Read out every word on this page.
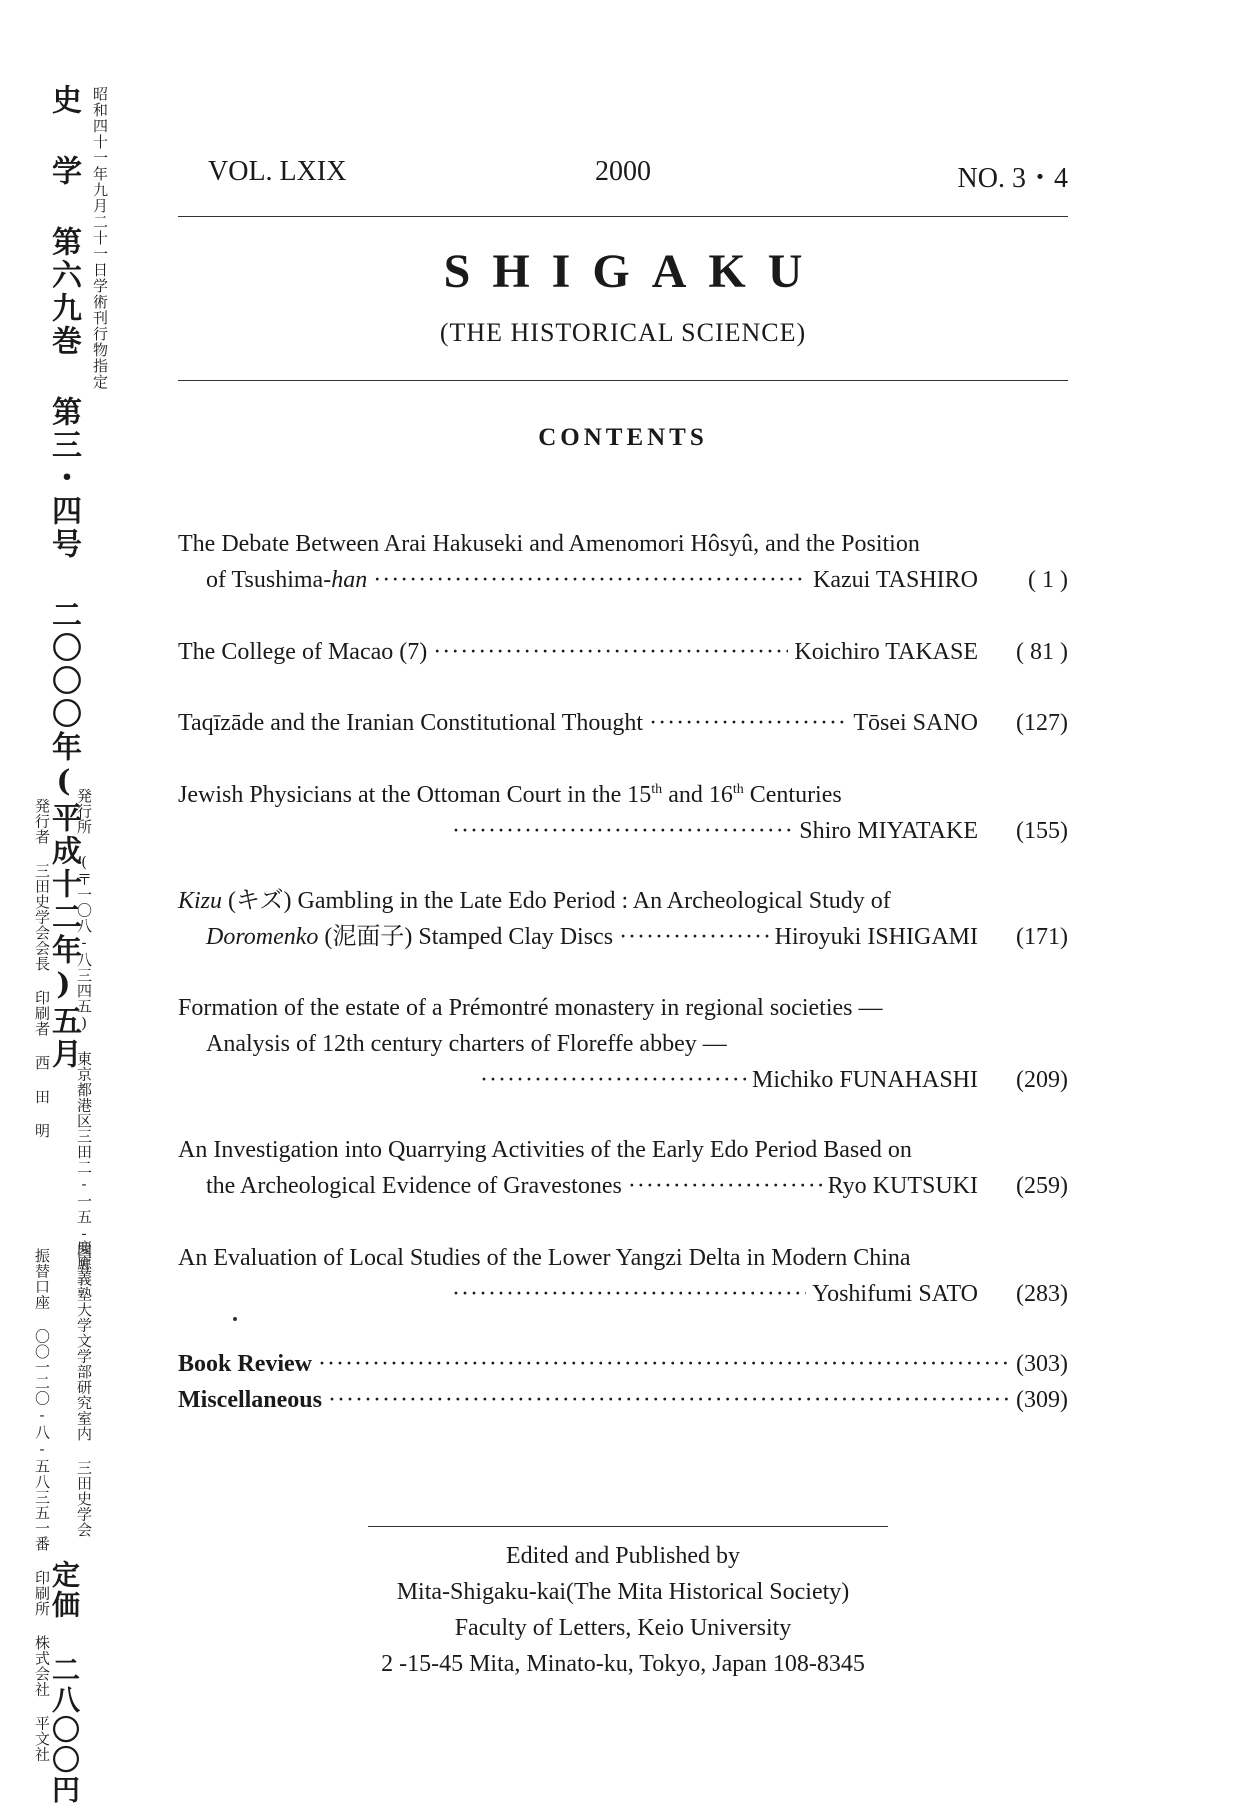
史 学 第六九巻 第三・四号 二〇〇〇年(平成十二年)五月 昭和四十一年九月二十一日学術刊行物指定

発行者 三田史学会会長 印刷者 西 田 明 発行所 (〒一〇八-八三四五) 東京都港区三田二-一五-四五

振替口座 〇〇一二〇-八-五八三五一番 印刷所 株式会社 平文社 慶應義塾大学文学部研究室内 三田史学会

定価 二八〇〇円

VOL. LXIX	2000	NO. 3・4
SHIGAKU

(THE HISTORICAL SCIENCE)

CONTENTS
The Debate Between Arai Hakuseki and Amenomori Hôsyû, and the Position
of Tsushima-han ·····	Kazui TASHIRO ( 1 )
The College of Macao (7) ·····	Koichiro TAKASE ( 81 )
Taqīzāde and the Iranian Constitutional Thought ·····	Tōsei SANO (127)
Jewish Physicians at the Ottoman Court in the 15th and 16th Centuries
·····
Shiro MIYATAKE (155)
Kizu (キズ) Gambling in the Late Edo Period : An Archeological Study of
Doromenko (泥面子) Stamped Clay Discs ·····	Hiroyuki ISHIGAMI (171)
Formation of the estate of a Prémontré monastery in regional societies —
Analysis of 12th century charters of Floreffe abbey —
·····
Michiko FUNAHASHI (209)
An Investigation into Quarrying Activities of the Early Edo Period Based on
the Archeological Evidence of Gravestones ·····	Ryo KUTSUKI (259)
An Evaluation of Local Studies of the Lower Yangzi Delta in Modern China
·····
Yoshifumi SATO (283)
Book Review ·····	(303)
Miscellaneous ·····	(309)

Edited and Published by

Mita-Shigaku-kai(The Mita Historical Society)

Faculty of Letters, Keio University

2 -15-45 Mita, Minato-ku, Tokyo, Japan 108-8345
